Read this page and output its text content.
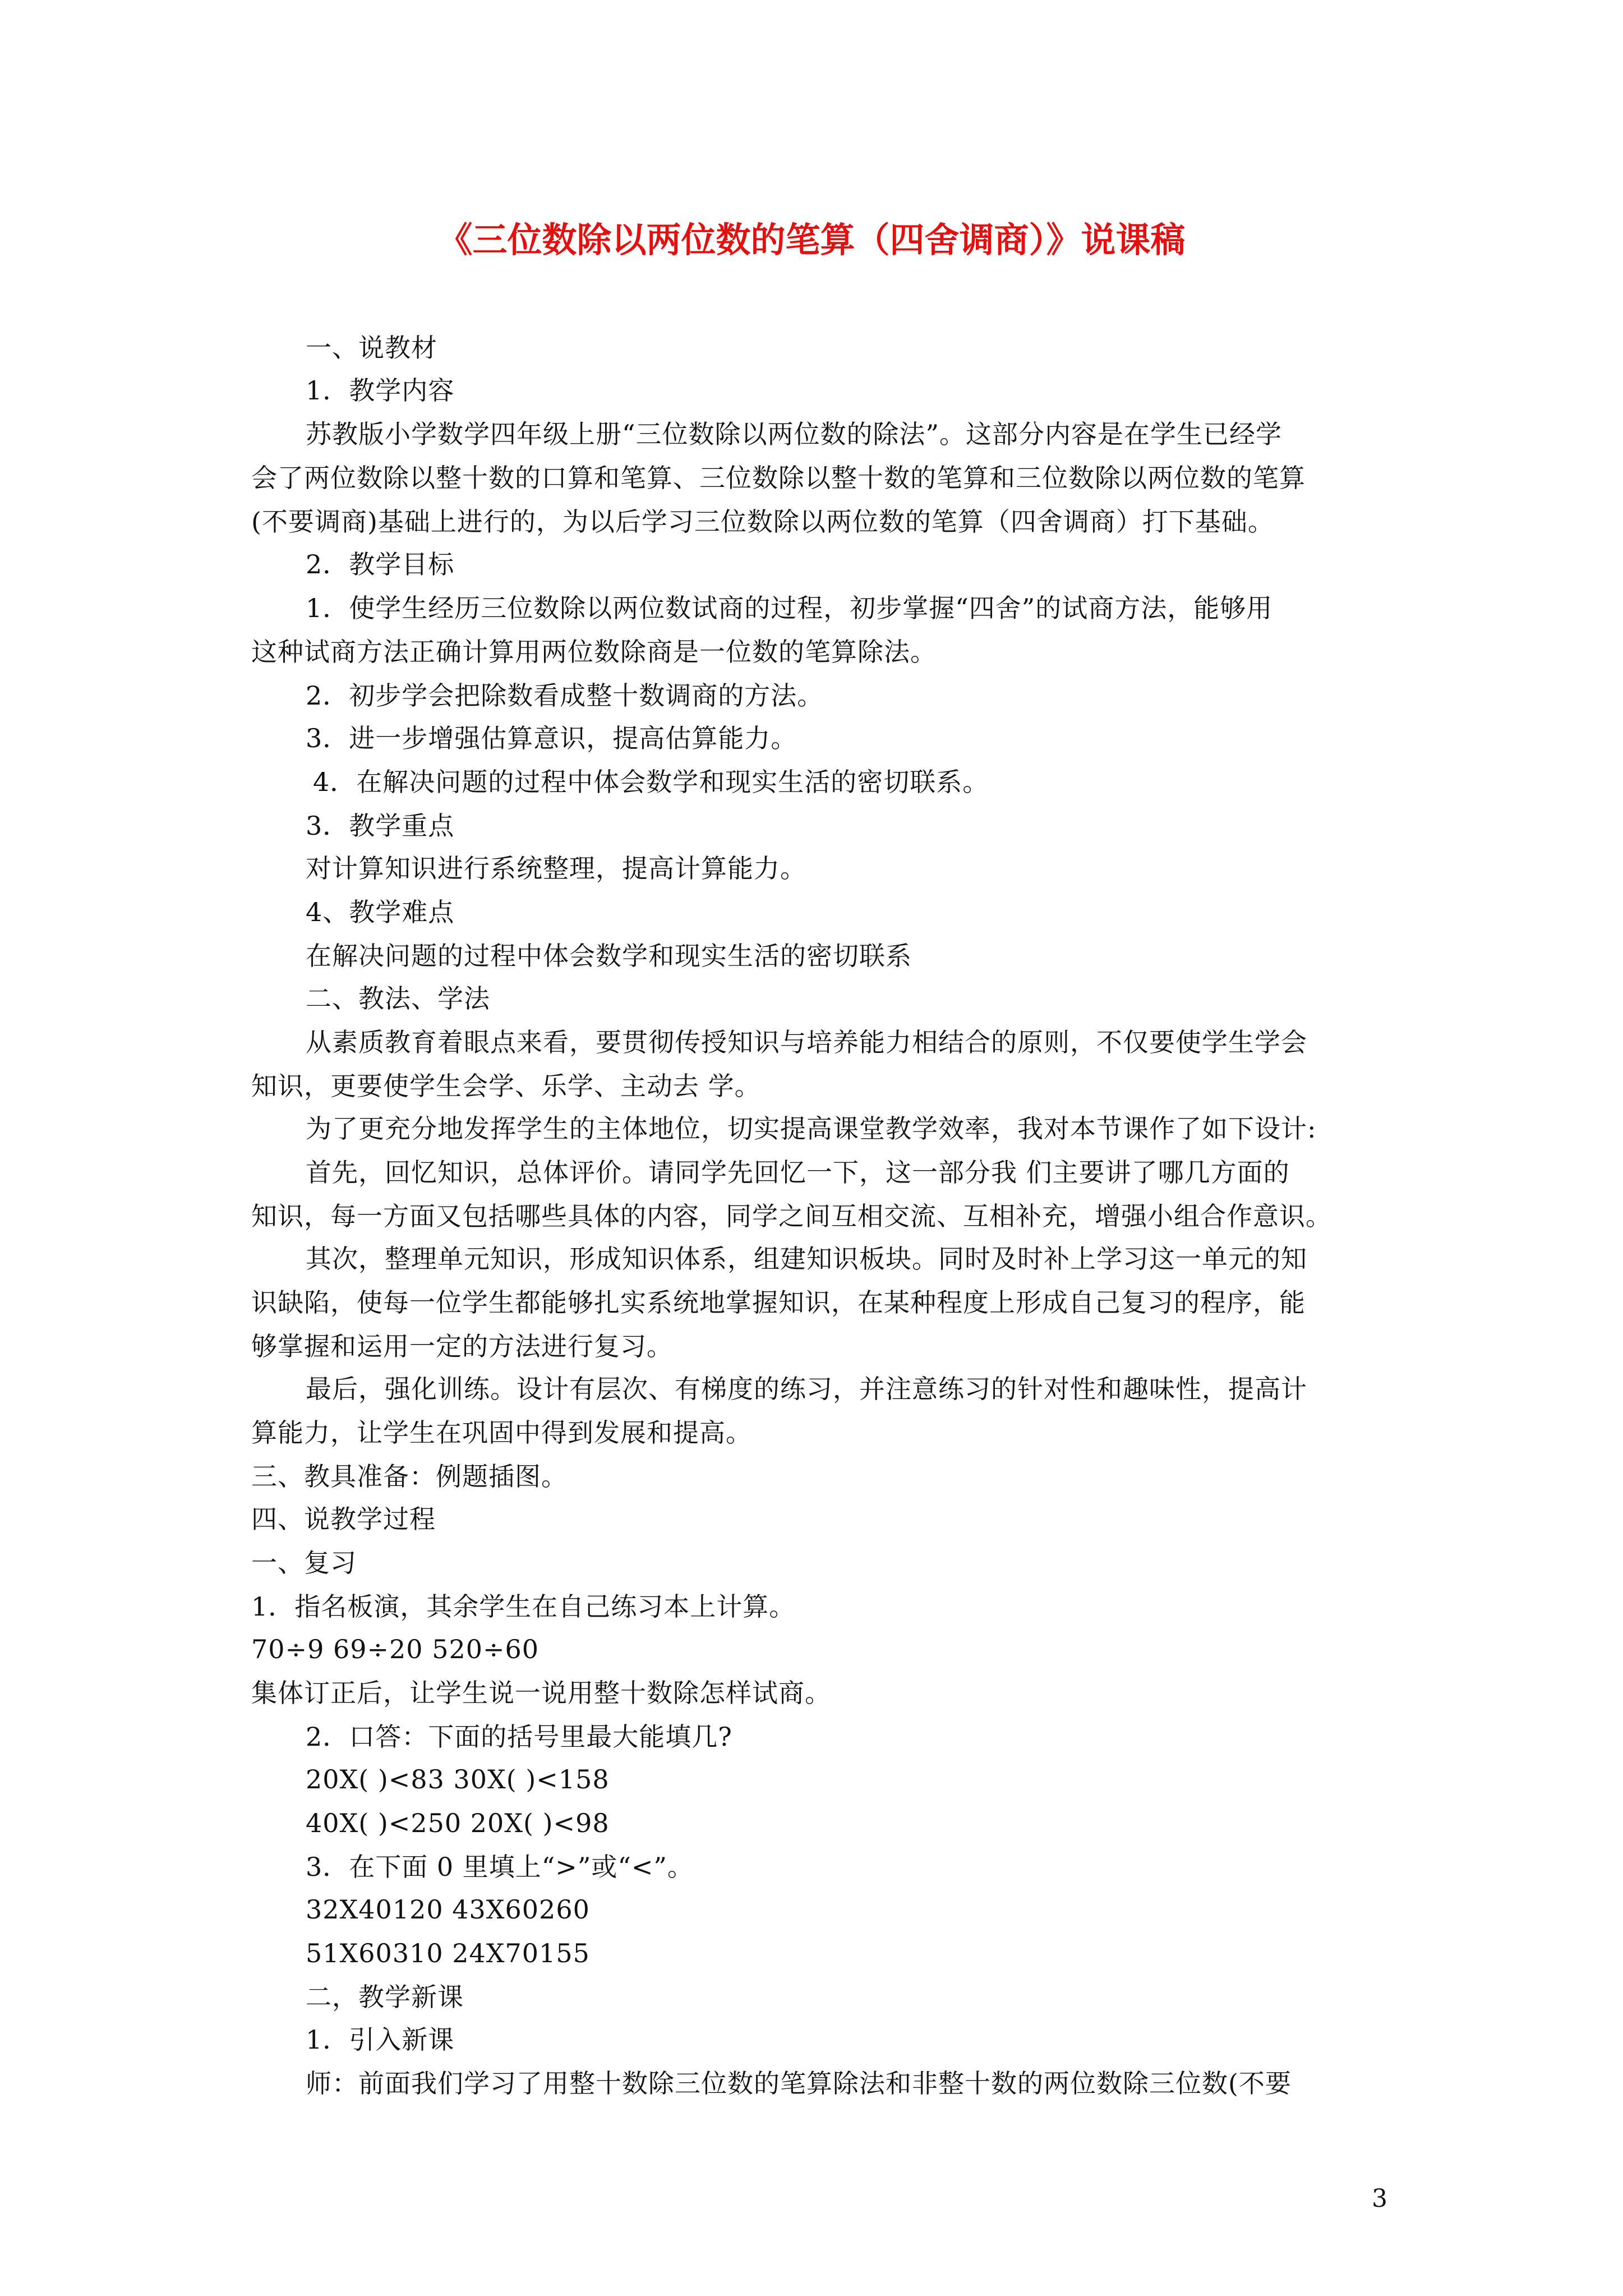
《三位数除以两位数的笔算（四舍调商）》说课稿
一、说教材
1．教学内容
苏教版小学数学四年级上册“三位数除以两位数的除法”。这部分内容是在学生已经学
会了两位数除以整十数的口算和笔算、三位数除以整十数的笔算和三位数除以两位数的笔算
(不要调商)基础上进行的，为以后学习三位数除以两位数的笔算（四舍调商）打下基础。
2．教学目标
1．使学生经历三位数除以两位数试商的过程，初步掌握“四舍”的试商方法，能够用
这种试商方法正确计算用两位数除商是一位数的笔算除法。
2．初步学会把除数看成整十数调商的方法。
3．进一步增强估算意识，提高估算能力。
4．在解决问题的过程中体会数学和现实生活的密切联系。
3．教学重点
对计算知识进行系统整理，提高计算能力。
4、教学难点
在解决问题的过程中体会数学和现实生活的密切联系
二、教法、学法
从素质教育着眼点来看，要贯彻传授知识与培养能力相结合的原则，不仅要使学生学会
知识，更要使学生会学、乐学、主动去 学。
为了更充分地发挥学生的主体地位，切实提高课堂教学效率，我对本节课作了如下设计:
首先，回忆知识，总体评价。请同学先回忆一下，这一部分我 们主要讲了哪几方面的
知识，每一方面又包括哪些具体的内容，同学之间互相交流、互相补充，增强小组合作意识。
其次，整理单元知识，形成知识体系，组建知识板块。同时及时补上学习这一单元的知
识缺陷，使每一位学生都能够扎实系统地掌握知识，在某种程度上形成自己复习的程序，能
够掌握和运用一定的方法进行复习。
最后，强化训练。设计有层次、有梯度的练习，并注意练习的针对性和趣味性，提高计
算能力，让学生在巩固中得到发展和提高。
三、教具准备：例题插图。
四、说教学过程
一、复习
1．指名板演，其余学生在自己练习本上计算。
70÷9 69÷20 520÷60
集体订正后，让学生说一说用整十数除怎样试商。
2．口答：下面的括号里最大能填几?
20X( )<83 30X( )<158
40X( )<250 20X( )<98
3．在下面 0 里填上“>”或“<”。
32X40120 43X60260
51X60310 24X70155
二，教学新课
1．引入新课
师：前面我们学习了用整十数除三位数的笔算除法和非整十数的两位数除三位数(不要
3
